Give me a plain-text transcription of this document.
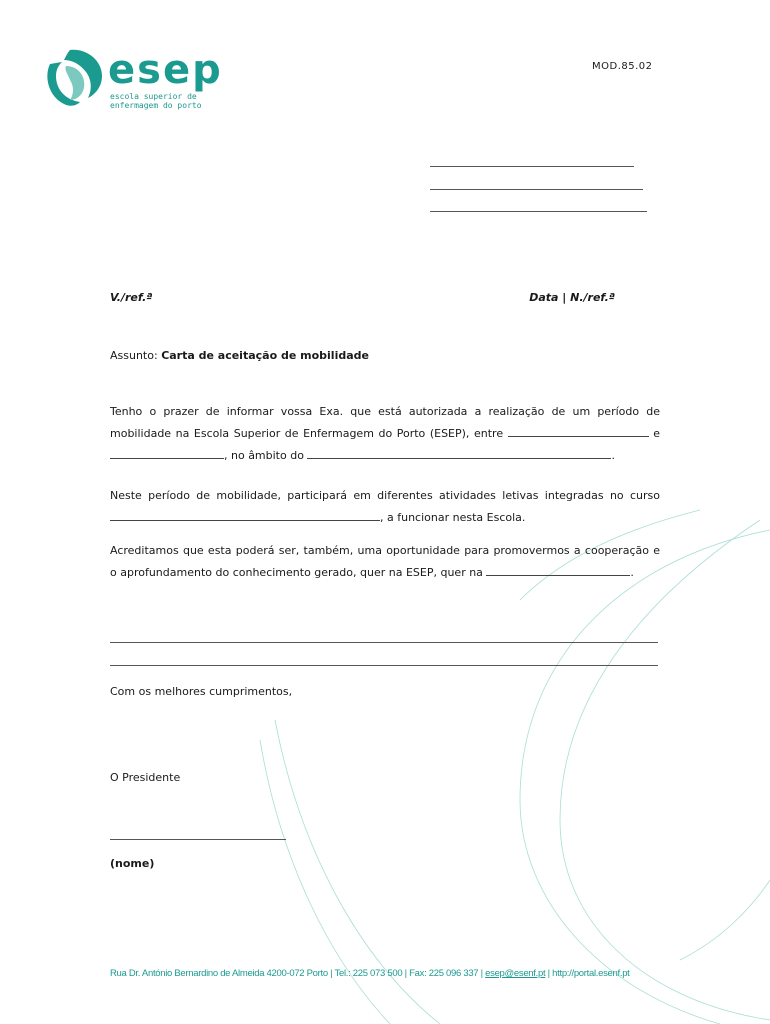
esep
escola superior de
enfermagem do porto
MOD.85.02
V./ref.ª	Data | N./ref.ª
Assunto: Carta de aceitação de mobilidade
Tenho o prazer de informar vossa Exa. que está autorizada a realização de um período de mobilidade na Escola Superior de Enfermagem do Porto (ESEP), entre	e , no âmbito do	.
Neste período de mobilidade, participará em diferentes atividades letivas integradas no curso , a funcionar nesta Escola.
Acreditamos que esta poderá ser, também, uma oportunidade para promovermos a cooperação e o aprofundamento do conhecimento gerado, quer na ESEP, quer na	.
Com os melhores cumprimentos,
O Presidente
(nome)
Rua Dr. António Bernardino de Almeida 4200-072 Porto | Tel.: 225 073 500 | Fax: 225 096 337 | esep@esenf.pt | http://portal.esenf.pt
